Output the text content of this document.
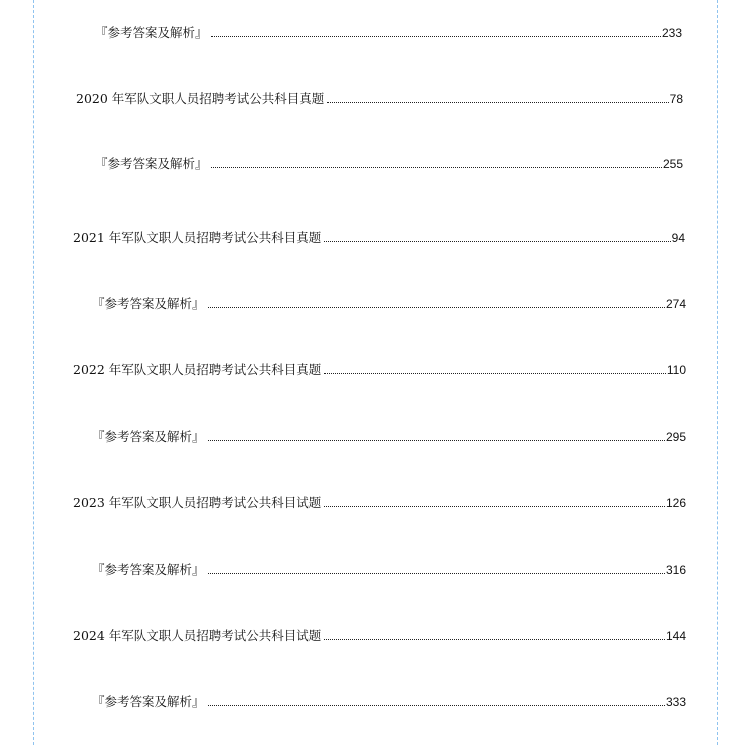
『参考答案及解析』	233
2020 年军队文职人员招聘考试公共科目真题	78
『参考答案及解析』	255
2021 年军队文职人员招聘考试公共科目真题	94
『参考答案及解析』	274
2022 年军队文职人员招聘考试公共科目真题	110
『参考答案及解析』	295
2023 年军队文职人员招聘考试公共科目试题	126
『参考答案及解析』	316
2024 年军队文职人员招聘考试公共科目试题	144
『参考答案及解析』	333
